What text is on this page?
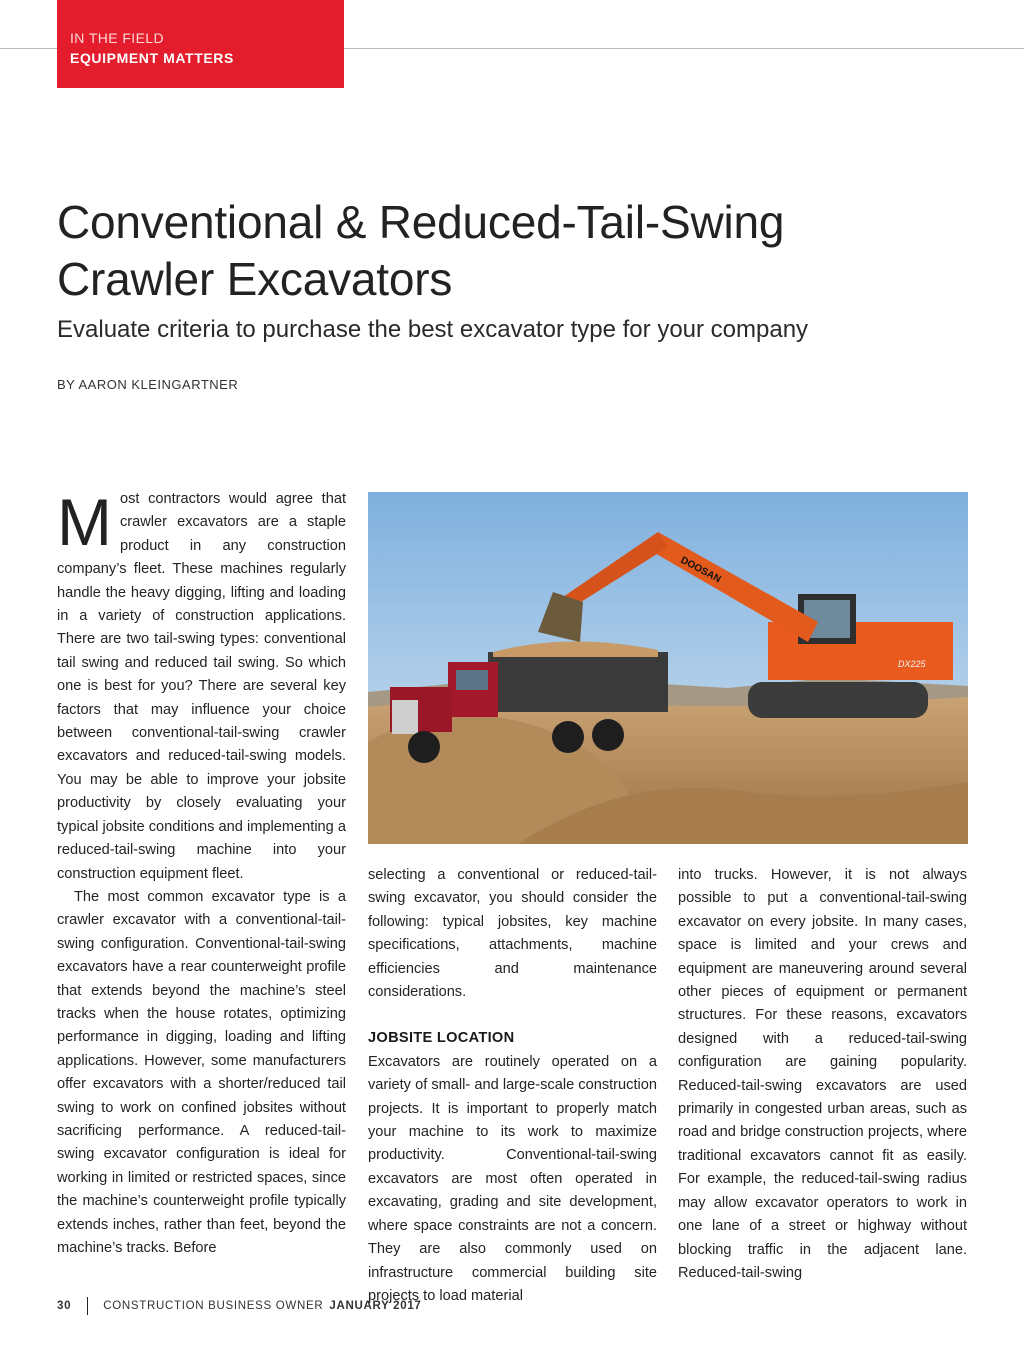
IN THE FIELD
EQUIPMENT MATTERS
Conventional & Reduced-Tail-Swing Crawler Excavators
Evaluate criteria to purchase the best excavator type for your company
BY AARON KLEINGARTNER
M ost contractors would agree that crawler excavators are a staple product in any construction company’s fleet. These machines regularly handle the heavy digging, lifting and loading in a variety of construction applications. There are two tail-swing types: conventional tail swing and reduced tail swing. So which one is best for you? There are several key factors that may influence your choice between conventional-tail-swing crawler excavators and reduced-tail-swing models. You may be able to improve your jobsite productivity by closely evaluating your typical jobsite conditions and implementing a reduced-tail-swing machine into your construction equipment fleet.
The most common excavator type is a crawler excavator with a conventional-tail-swing configuration. Conventional-tail-swing excavators have a rear counterweight profile that extends beyond the machine’s steel tracks when the house rotates, optimizing performance in digging, loading and lifting applications. However, some manufacturers offer excavators with a shorter/reduced tail swing to work on confined jobsites without sacrificing performance. A reduced-tail-swing excavator configuration is ideal for working in limited or restricted spaces, since the machine’s counterweight profile typically extends inches, rather than feet, beyond the machine’s tracks. Before
DOOSAN
DX225
selecting a conventional or reduced-tail-swing excavator, you should consider the following: typical jobsites, key machine specifications, attachments, machine efficiencies and maintenance considerations.
JOBSITE LOCATION
Excavators are routinely operated on a variety of small- and large-scale construction projects. It is important to properly match your machine to its work to maximize productivity. Conventional-tail-swing excavators are most often operated in excavating, grading and site development, where space constraints are not a concern. They are also commonly used on infrastructure commercial building site projects to load material
into trucks. However, it is not always possible to put a conventional-tail-swing excavator on every jobsite. In many cases, space is limited and your crews and equipment are maneuvering around several other pieces of equipment or permanent structures. For these reasons, excavators designed with a reduced-tail-swing configuration are gaining popularity. Reduced-tail-swing excavators are used primarily in congested urban areas, such as road and bridge construction projects, where traditional excavators cannot fit as easily. For example, the reduced-tail-swing radius may allow excavator operators to work in one lane of a street or highway without blocking traffic in the adjacent lane. Reduced-tail-swing
30	CONSTRUCTION BUSINESS OWNER JANUARY 2017
